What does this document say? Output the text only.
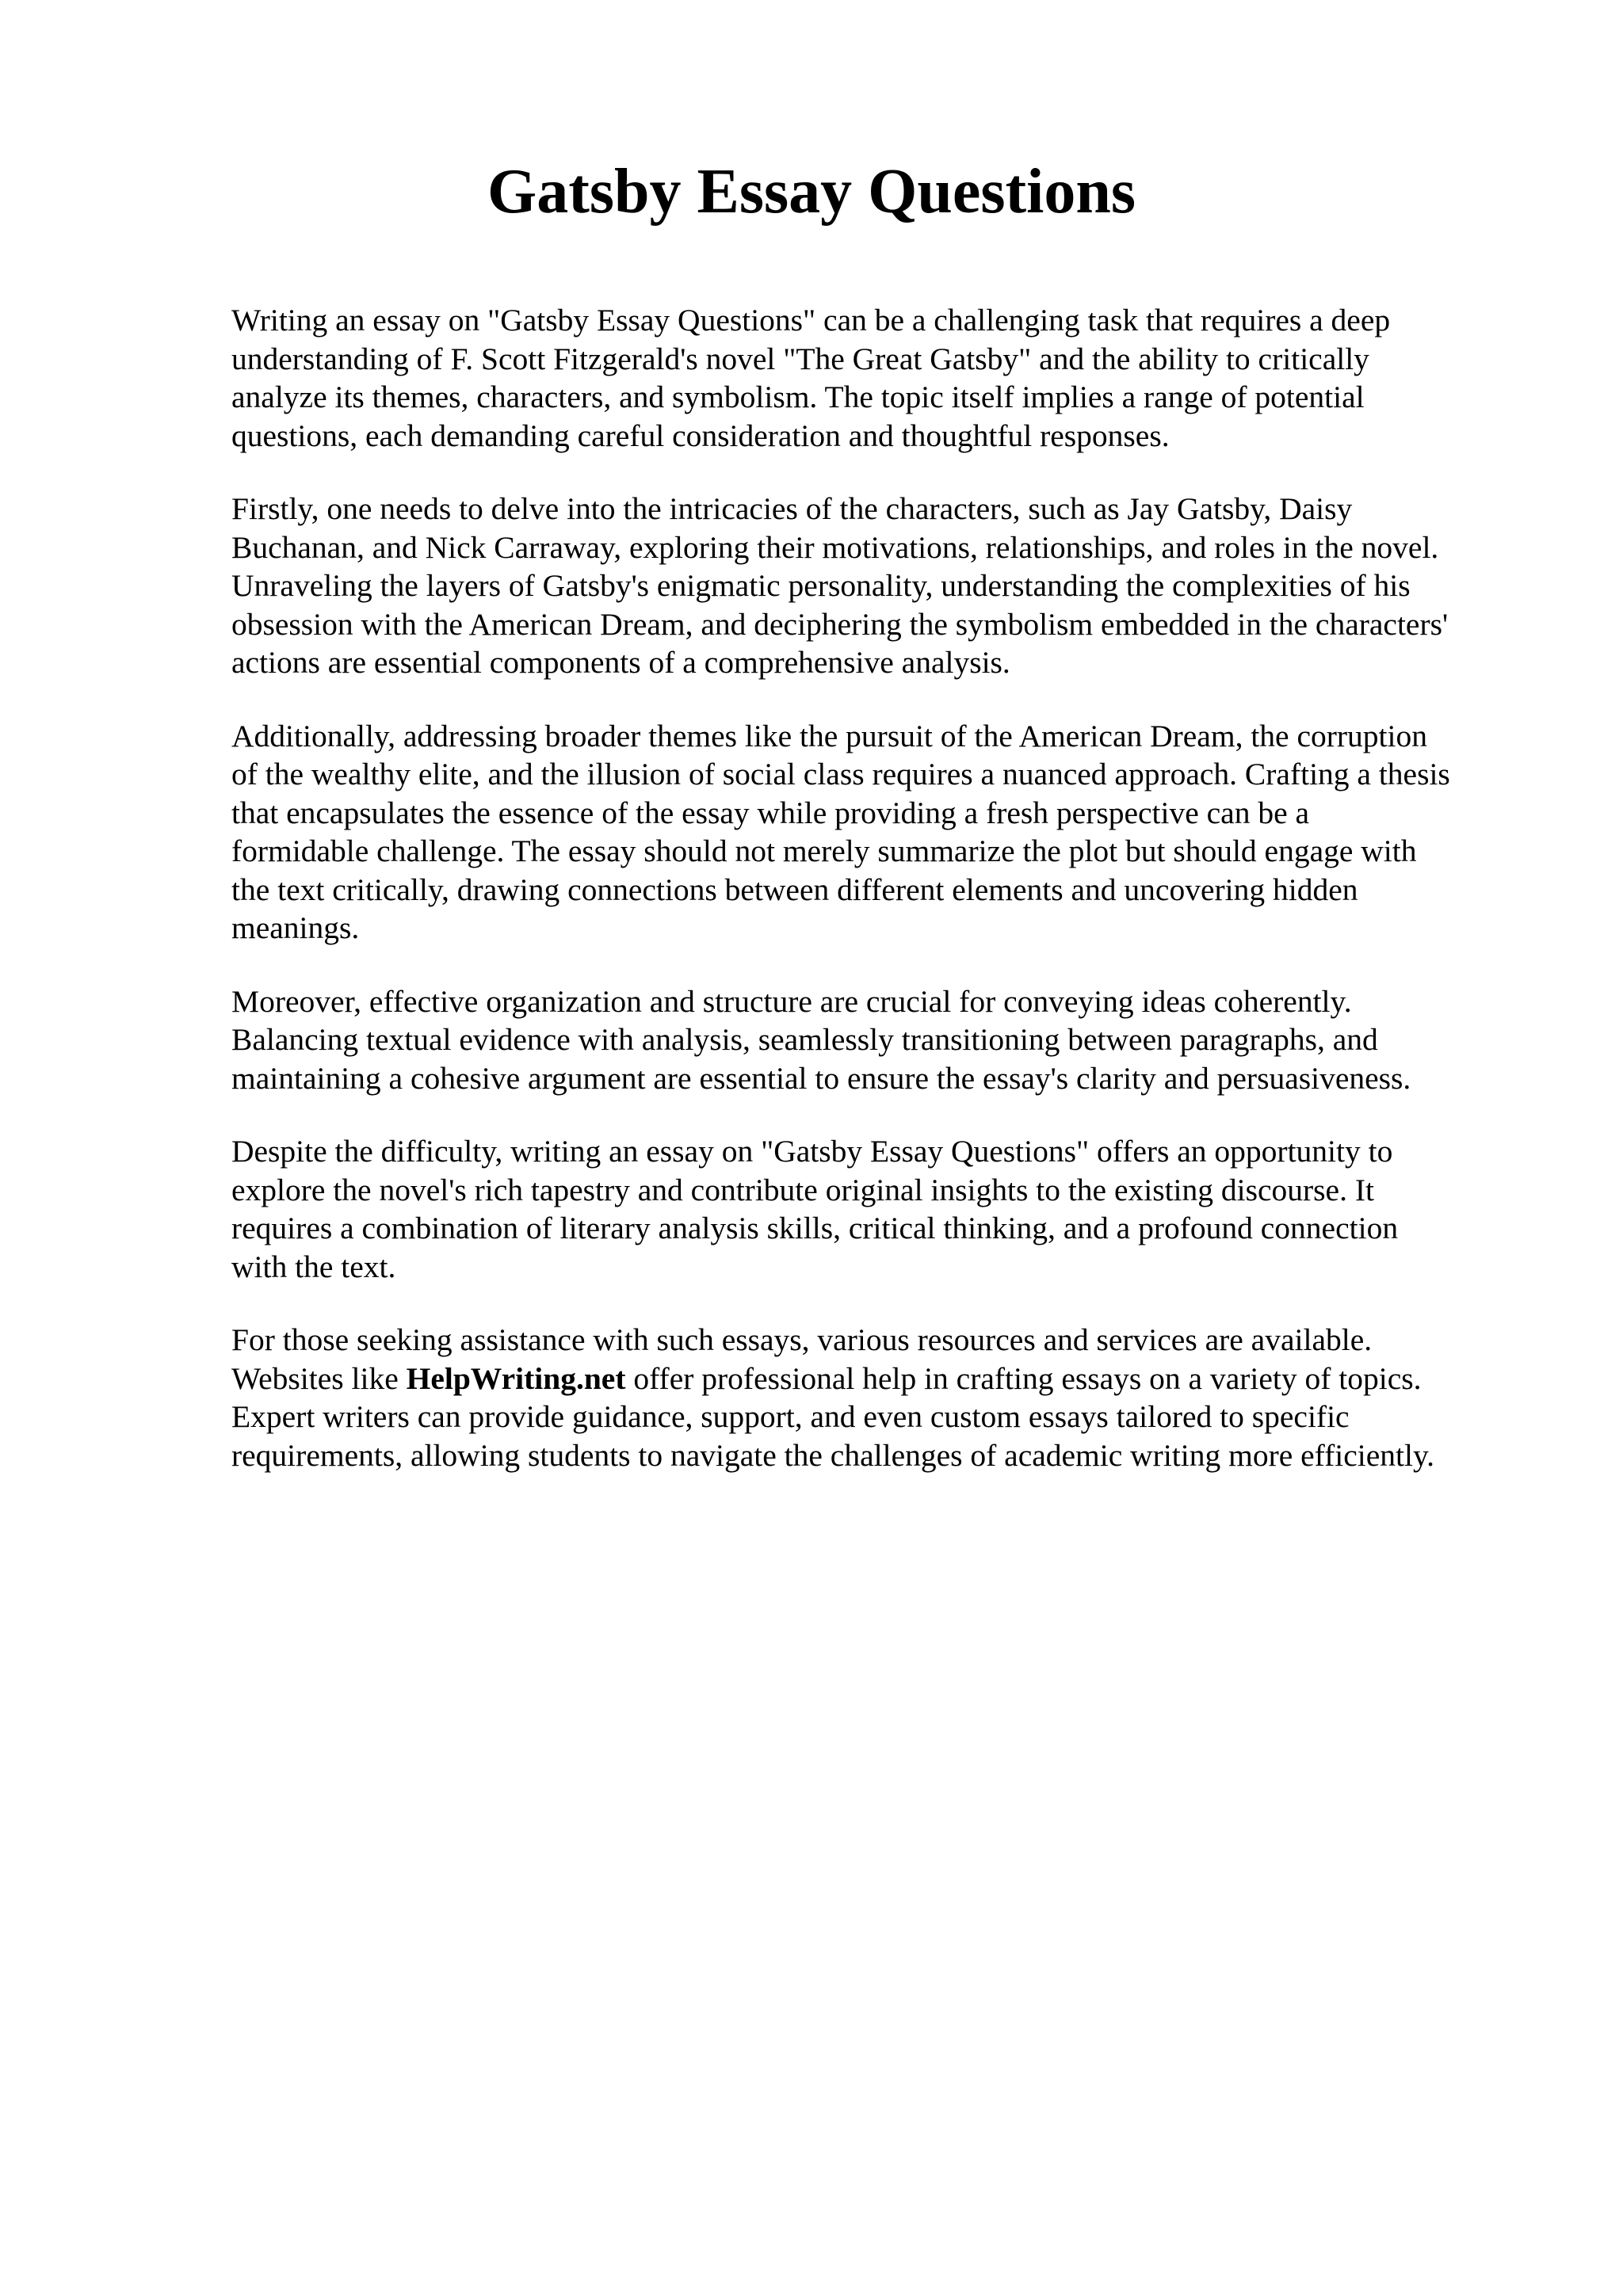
Gatsby Essay Questions

Writing an essay on "Gatsby Essay Questions" can be a challenging task that requires a deep
understanding of F. Scott Fitzgerald's novel "The Great Gatsby" and the ability to critically
analyze its themes, characters, and symbolism. The topic itself implies a range of potential
questions, each demanding careful consideration and thoughtful responses.

Firstly, one needs to delve into the intricacies of the characters, such as Jay Gatsby, Daisy
Buchanan, and Nick Carraway, exploring their motivations, relationships, and roles in the novel.
Unraveling the layers of Gatsby's enigmatic personality, understanding the complexities of his
obsession with the American Dream, and deciphering the symbolism embedded in the characters'
actions are essential components of a comprehensive analysis.

Additionally, addressing broader themes like the pursuit of the American Dream, the corruption
of the wealthy elite, and the illusion of social class requires a nuanced approach. Crafting a thesis
that encapsulates the essence of the essay while providing a fresh perspective can be a
formidable challenge. The essay should not merely summarize the plot but should engage with
the text critically, drawing connections between different elements and uncovering hidden
meanings.

Moreover, effective organization and structure are crucial for conveying ideas coherently.
Balancing textual evidence with analysis, seamlessly transitioning between paragraphs, and
maintaining a cohesive argument are essential to ensure the essay's clarity and persuasiveness.

Despite the difficulty, writing an essay on "Gatsby Essay Questions" offers an opportunity to
explore the novel's rich tapestry and contribute original insights to the existing discourse. It
requires a combination of literary analysis skills, critical thinking, and a profound connection
with the text.

For those seeking assistance with such essays, various resources and services are available.
Websites like HelpWriting.net offer professional help in crafting essays on a variety of topics.
Expert writers can provide guidance, support, and even custom essays tailored to specific
requirements, allowing students to navigate the challenges of academic writing more efficiently.
